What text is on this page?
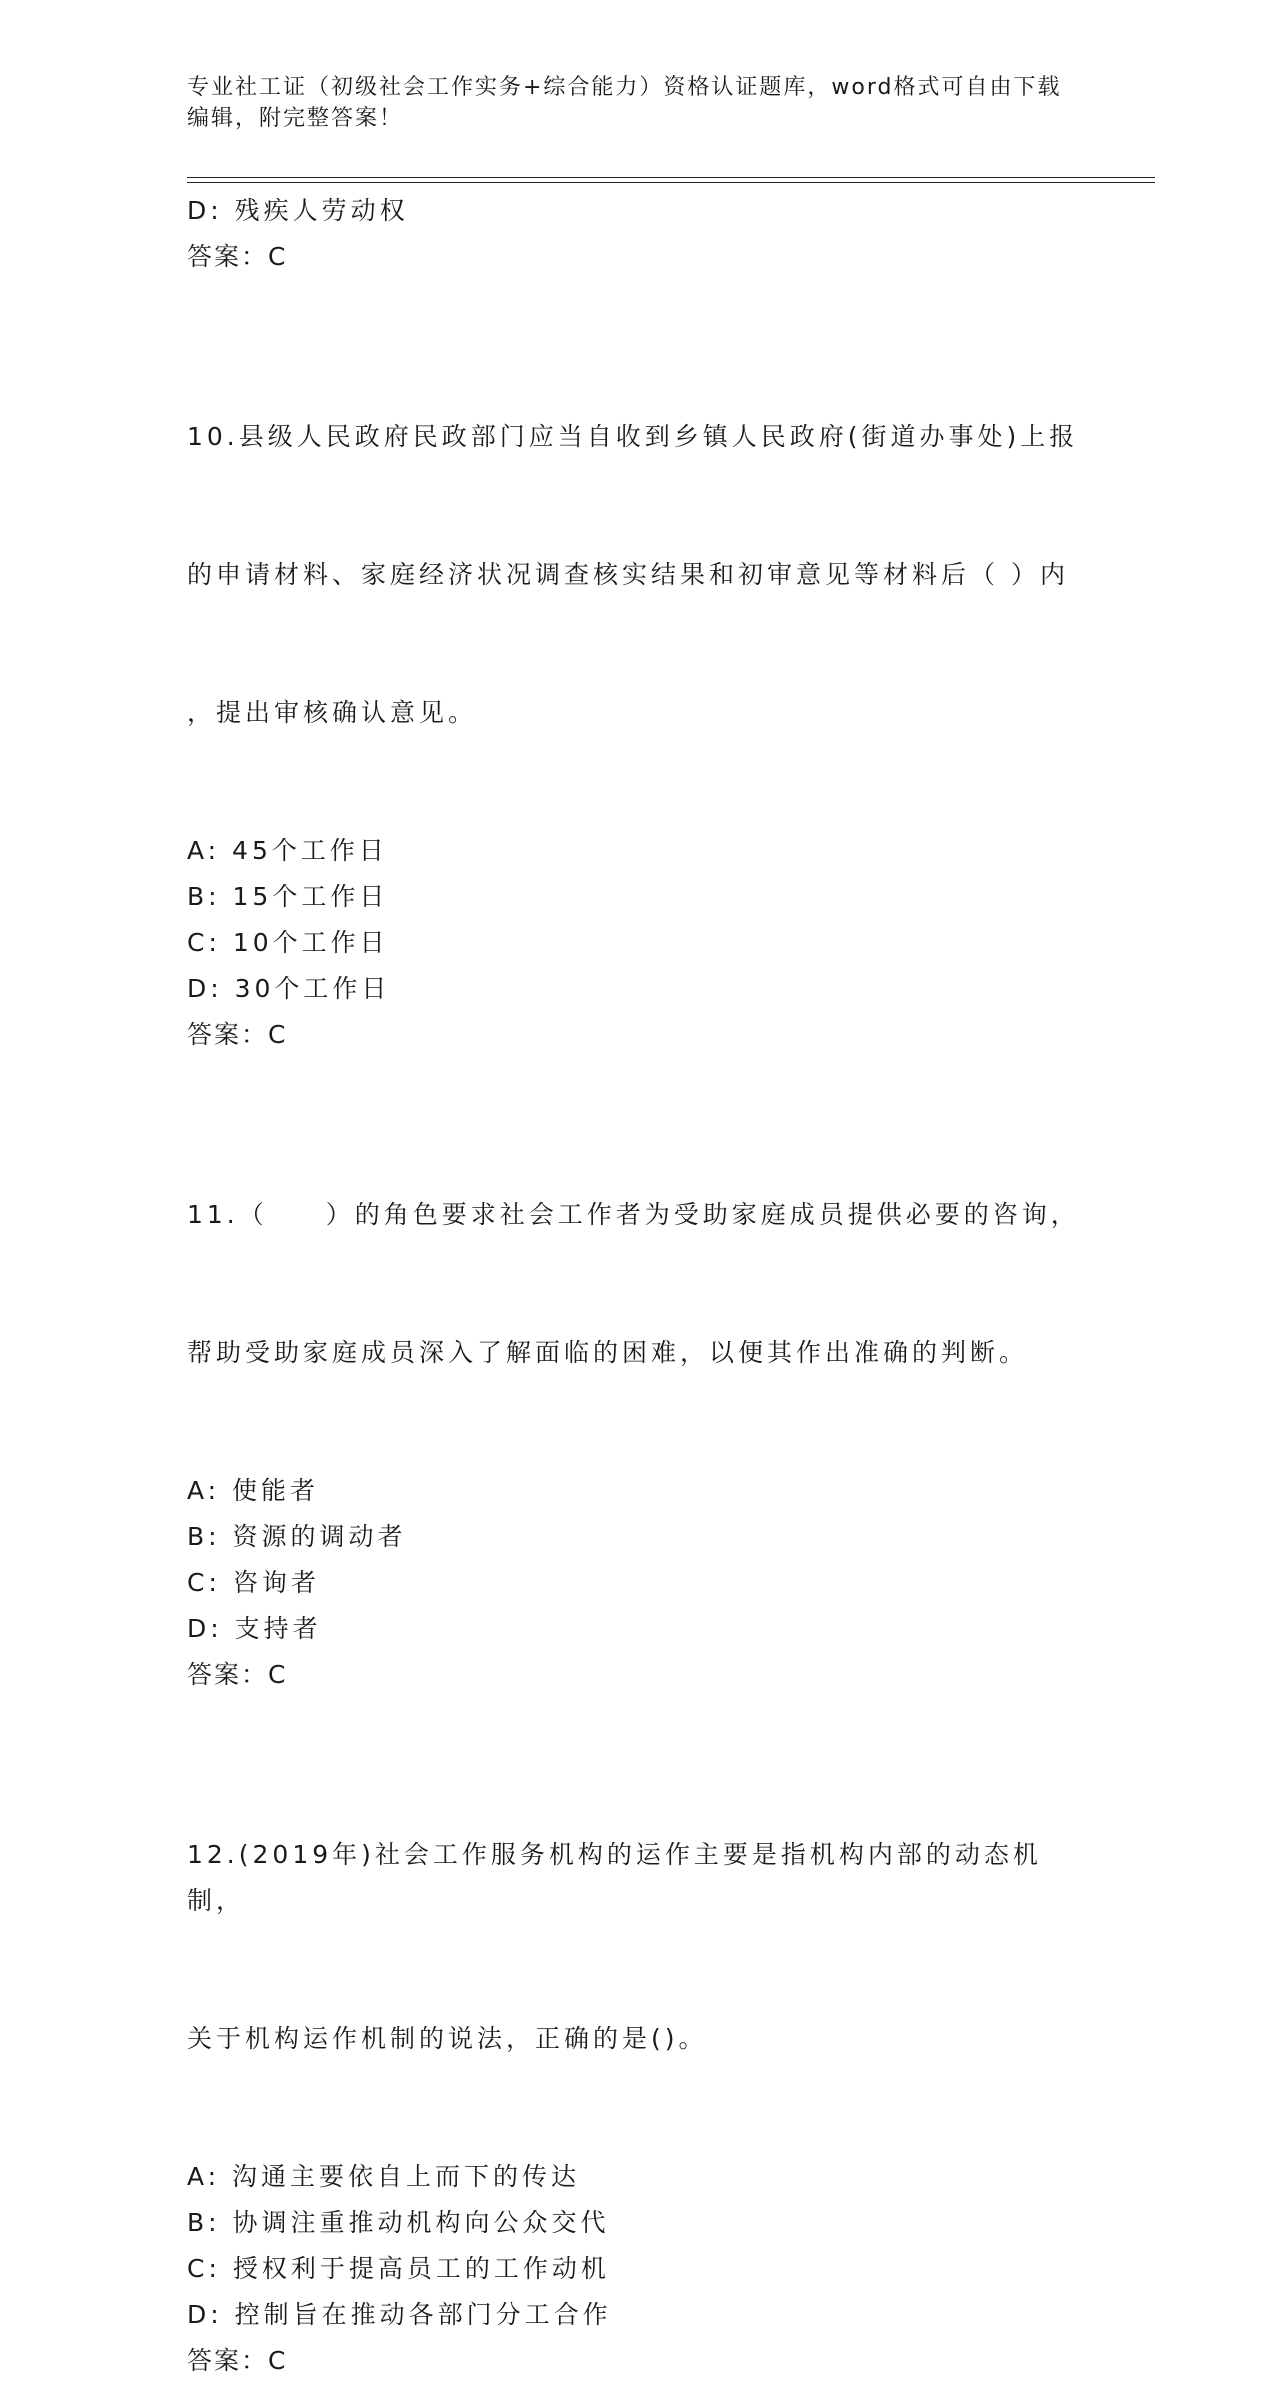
专业社工证（初级社会工作实务+综合能力）资格认证题库，word格式可自由下载
编辑，附完整答案！
D: 残疾人劳动权
答案：C

10.县级人民政府民政部门应当自收到乡镇人民政府(街道办事处)上报

的申请材料、家庭经济状况调查核实结果和初审意见等材料后（ ）内

，提出审核确认意见。

A: 45个工作日
B: 15个工作日
C: 10个工作日
D: 30个工作日
答案：C

11.（　　）的角色要求社会工作者为受助家庭成员提供必要的咨询，

帮助受助家庭成员深入了解面临的困难，以便其作出准确的判断。

A: 使能者
B: 资源的调动者
C: 咨询者
D: 支持者
答案：C

12.(2019年)社会工作服务机构的运作主要是指机构内部的动态机制，

关于机构运作机制的说法，正确的是()。

A: 沟通主要依自上而下的传达
B: 协调注重推动机构向公众交代
C: 授权利于提高员工的工作动机
D: 控制旨在推动各部门分工合作
答案：C
